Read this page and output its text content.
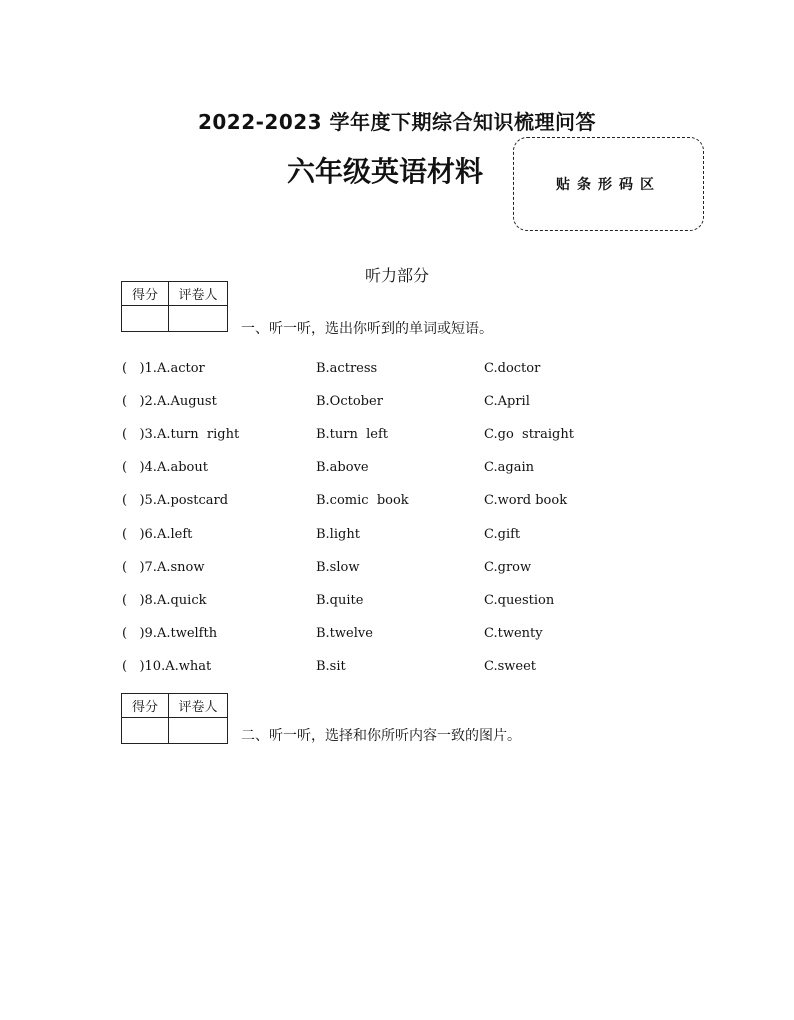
2022-2023 学年度下期综合知识梳理问答
六年级英语材料	贴条形码区
听力部分
得分	评卷人

一、听一听，选出你听到的单词或短语。
(   )1.A.actor	B.actress	C.doctor
(   )2.A.August	B.October	C.April
(   )3.A.turn  right	B.turn  left	C.go  straight
(   )4.A.about	B.above	C.again
(   )5.A.postcard	B.comic  book	C.word book
(   )6.A.left	B.light	C.gift
(   )7.A.snow	B.slow	C.grow
(   )8.A.quick	B.quite	C.question
(   )9.A.twelfth	B.twelve	C.twenty
(   )10.A.what	B.sit	C.sweet
得分	评卷人

二、听一听，选择和你所听内容一致的图片。
